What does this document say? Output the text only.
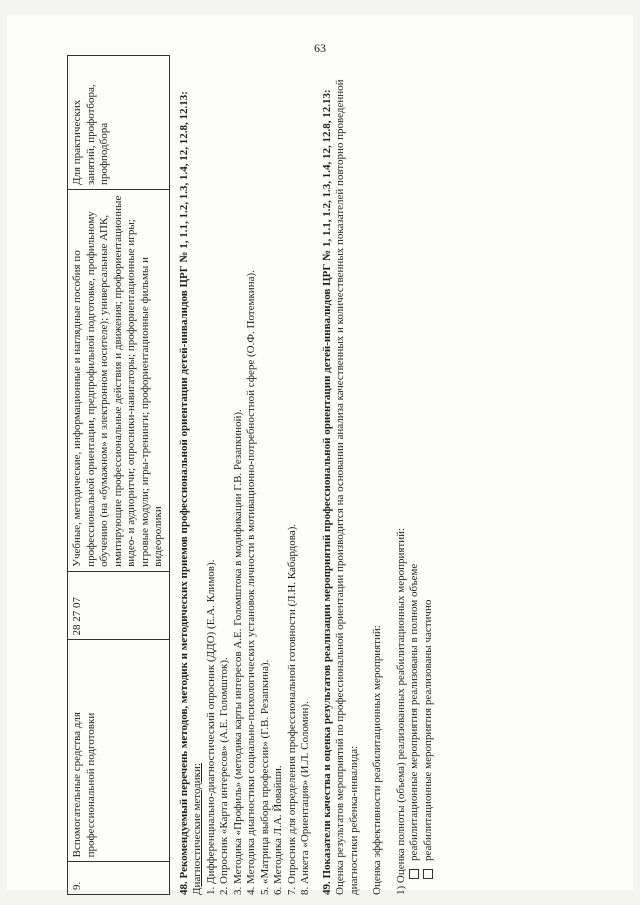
63
9.	Вспомогательные средства для профессиональной подготовки	28 27 07	Учебные, методические, информационные и наглядные пособия по профессиональной ориентации, предпрофильной подготовке, профильному обучению (на «бумажном» и электронном носителе); универсальные АПК, имитирующие профессиональные действия и движения; профориентационные видео- и аудиоритчи; опросники-навигаторы; профориентационные игры; игровые модули; игры-тренинги; профориентационные фильмы и видеоролики	Для практических занятий, профотбора, профподбора	48. Рекомендуемый перечень методов, методик и методических приемов профессиональной ориентации детей-инвалидов ЦРГ № 1, 1.1, 1.2, 1.3, 1.4, 12, 12.8, 12.13: Диагностические методики: 1. Дифференциально-диагностический опросник (ДДО) (Е.А. Климов). 2. Опросник «Карта интересов» (А.Е. Голомшток). 3. Методика «Профиль» (методика карты интересов А.Е. Голомштока в модификации Г.В. Резапкиной). 4. Методика диагностики социально-психологических установок личности в мотивационно-потребностной сфере (О.Ф. Потемкина). 5. «Матрица выбора профессии» (Г.В. Резапкина). 6. Методика Л.А. Йовайши. 7. Опросник для определения профессиональной готовности (Л.Н. Кабардова). 8. Анкета «Ориентация» (И.Л. Соломин). 49. Показатели качества и оценка результатов реализации мероприятий профессиональной ориентации детей-инвалидов ЦРГ № 1, 1.1, 1.2, 1.3, 1.4, 12, 12.8, 12.13: Оценка результатов мероприятий по профессиональной ориентации производится на основании анализа качественных и количественных показателей повторно проведенной диагностики ребенка-инвалида: Оценка эффективности реабилитационных мероприятий: 1) Оценка полноты (объема) реализованных реабилитационных мероприятий: реабилитационные мероприятия реализованы в полном объеме реабилитационные мероприятия реализованы частично
